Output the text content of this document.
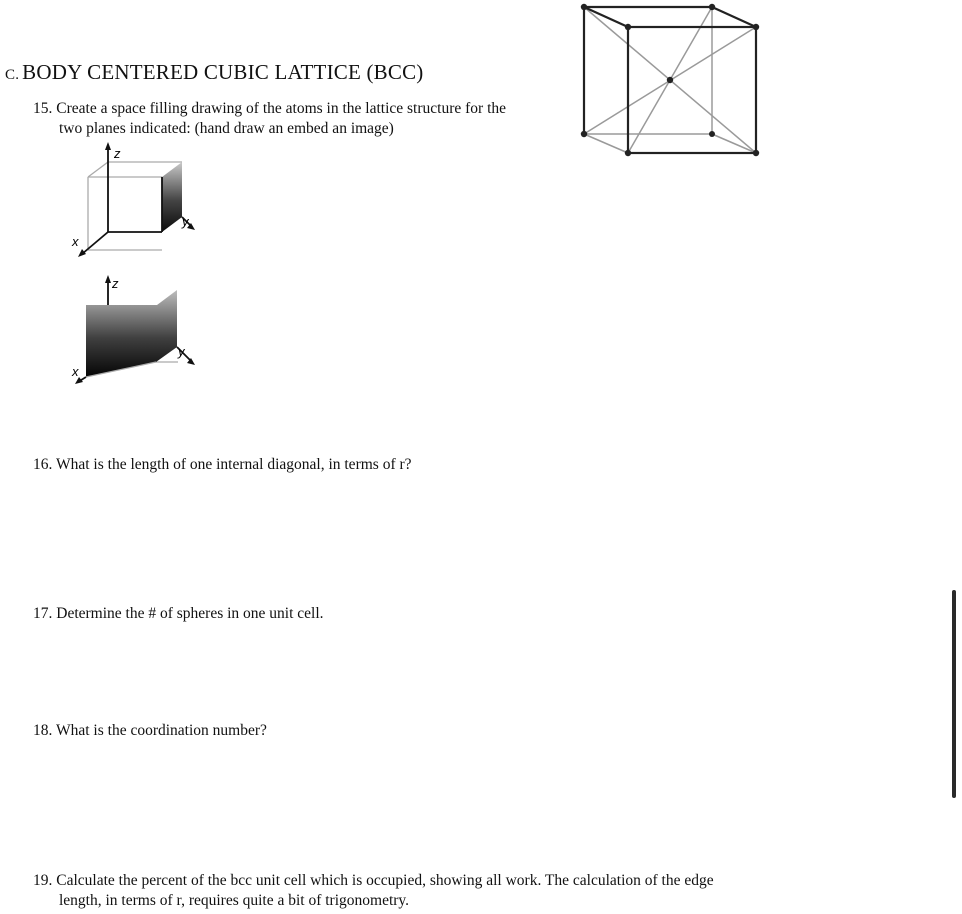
C. BODY CENTERED CUBIC LATTICE (BCC)
15. Create a space filling drawing of the atoms in the lattice structure for the
two planes indicated: (hand draw an embed an image)
z
y
x
z
y
x
16. What is the length of one internal diagonal, in terms of r?
17. Determine the # of spheres in one unit cell.
18. What is the coordination number?
19. Calculate the percent of the bcc unit cell which is occupied, showing all work. The calculation of the edge
length, in terms of r, requires quite a bit of trigonometry.
